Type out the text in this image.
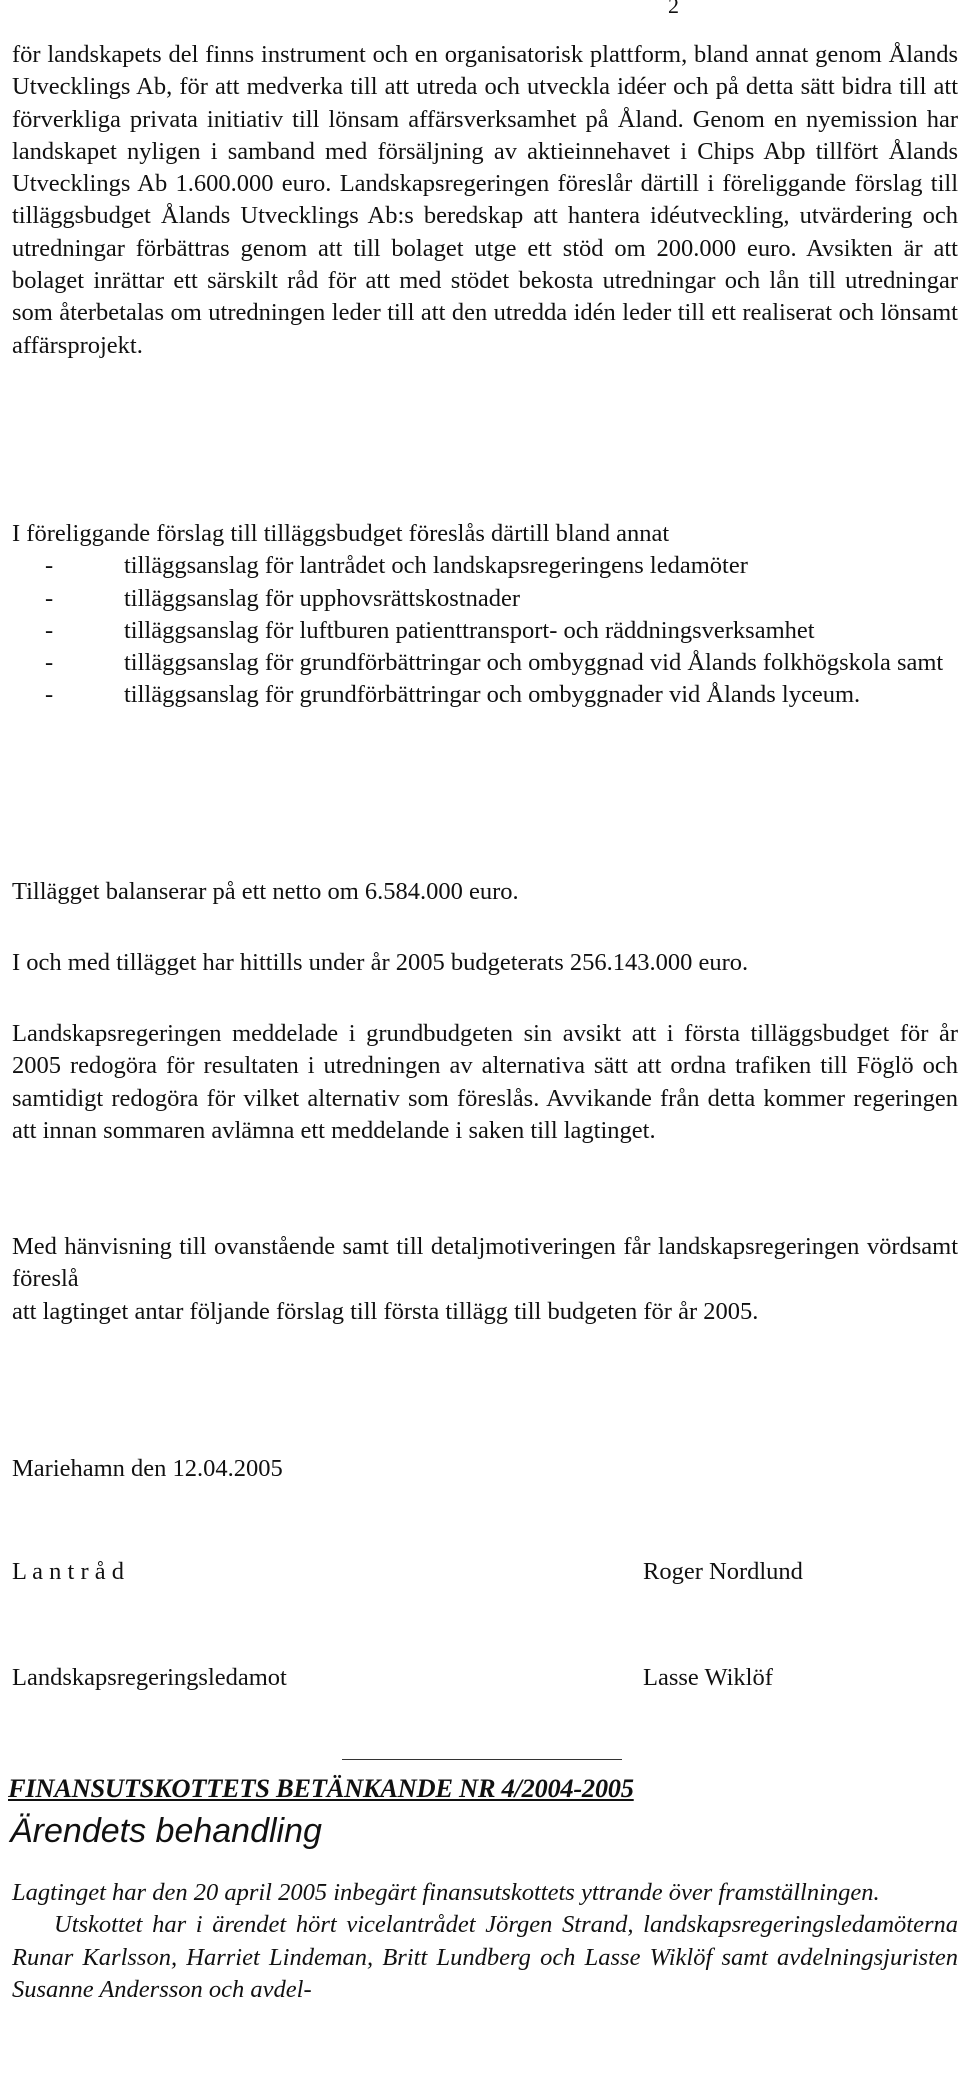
2

för landskapets del finns instrument och en organisatorisk plattform, bland annat genom Ålands Utvecklings Ab, för att medverka till att utreda och utveckla idéer och på detta sätt bidra till att förverkliga privata initiativ till lönsam affärsverksamhet på Åland. Genom en nyemission har landskapet nyligen i samband med försäljning av aktieinnehavet i Chips Abp tillfört Ålands Utvecklings Ab 1.600.000 euro. Landskapsregeringen föreslår därtill i föreliggande förslag till tilläggsbudget Ålands Utvecklings Ab:s beredskap att hantera idéutveckling, utvärdering och utredningar förbättras genom att till bolaget utge ett stöd om 200.000 euro. Avsikten är att bolaget inrättar ett särskilt råd för att med stödet bekosta utredningar och lån till utredningar som återbetalas om utredningen leder till att den utredda idén leder till ett realiserat och lönsamt affärsprojekt.

I föreliggande förslag till tilläggsbudget föreslås därtill bland annat

-	tilläggsanslag för lantrådet och landskapsregeringens ledamöter

-	tilläggsanslag för upphovsrättskostnader

-	tilläggsanslag för luftburen patienttransport- och räddningsverksamhet

-	tilläggsanslag för grundförbättringar och ombyggnad vid Ålands folkhögskola samt

-	tilläggsanslag för grundförbättringar och ombyggnader vid Ålands lyceum.

Tillägget balanserar på ett netto om 6.584.000 euro.

I och med tillägget har hittills under år 2005 budgeterats 256.143.000 euro.

Landskapsregeringen meddelade i grundbudgeten sin avsikt att i första tilläggsbudget för år 2005 redogöra för resultaten i utredningen av alternativa sätt att ordna trafiken till Föglö och samtidigt redogöra för vilket alternativ som föreslås. Avvikande från detta kommer regeringen att innan sommaren avlämna ett meddelande i saken till lagtinget.

Med hänvisning till ovanstående samt till detaljmotiveringen får landskapsregeringen vördsamt föreslå

att lagtinget antar följande förslag till första tillägg till budgeten för år 2005.

Mariehamn den 12.04.2005

L a n t r å d	Roger Nordlund
Landskapsregeringsledamot	Lasse Wiklöf
FINANSUTSKOTTETS BETÄNKANDE NR 4/2004-2005
Ärendets behandling

Lagtinget har den 20 april 2005 inbegärt finansutskottets yttrande över framställningen.

Utskottet har i ärendet hört vicelantrådet Jörgen Strand, landskapsregeringsledamöterna Runar Karlsson, Harriet Lindeman, Britt Lundberg och Lasse Wiklöf samt avdelningsjuristen Susanne Andersson och avdel-
